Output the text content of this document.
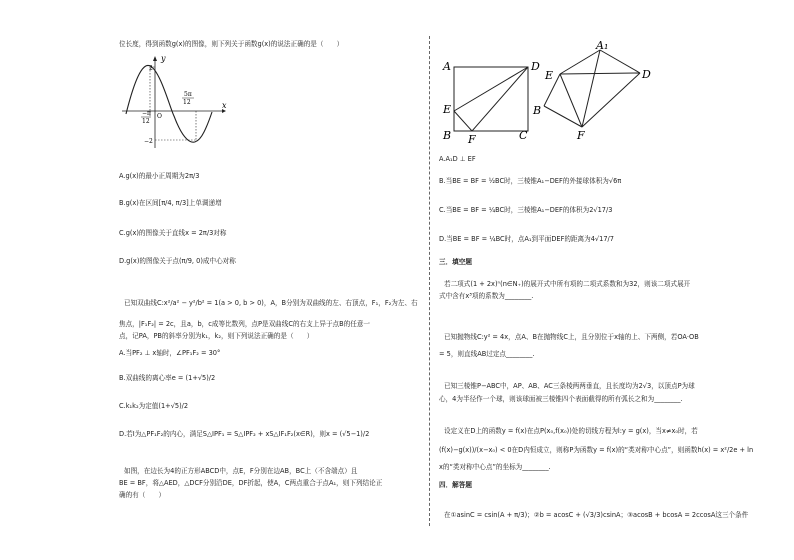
位长度，得到函数g(x)的图像，则下列关于函数g(x)的说法正确的是（　　）
y
x
O
5π
12
−π
12
2
−2
A.g(x)的最小正周期为2π/3
B.g(x)在区间[π/4, π/3]上单调递增
C.g(x)的图像关于直线x = 2π/3对称
D.g(x)的图像关于点(π/9, 0)成中心对称
已知双曲线C:x²/a² − y²/b² = 1(a > 0, b > 0)，A，B分别为双曲线的左、右顶点，F₁，F₂为左、右
焦点，|F₁F₂| = 2c，且a，b，c成等比数列，点P是双曲线C的右支上异于点B的任意一
点，记PA，PB的斜率分别为k₁，k₂，则下列说法正确的是（　　）
A.当PF₂ ⊥ x轴时，∠PF₁F₂ = 30°
B.双曲线的离心率e = (1+√5)/2
C.k₁k₂为定值(1+√5)/2
D.若I为△PF₁F₂的内心，满足S△IPF₁ = S△IPF₂ + xS△IF₁F₂(x∈R)，则x = (√5−1)/2
如图，在边长为4的正方形ABCD中，点E，F分别在边AB，BC上（不含端点）且
BE = BF，将△AED，△DCF分别沿DE，DF折起，使A，C两点重合于点A₁，则下列结论正
确的有（　　）
A	D
E
B F	C
A₁
E	D
B
F
A.A₁D ⊥ EF
B.当BE = BF = ½BC时，三棱锥A₁−DEF的外接球体积为√6π
C.当BE = BF = ¼BC时，三棱锥A₁−DEF的体积为2√17/3
D.当BE = BF = ¼BC时，点A₁到平面DEF的距离为4√17/7
三．填空题
若二项式(1 + 2x)ⁿ(n∈N₊)的展开式中所有项的二项式系数和为32，则该二项式展开
式中含有x³项的系数为________.
已知抛物线C:y² = 4x，点A、B在抛物线C上，且分别位于x轴的上、下两侧，若OA·OB
= 5，则直线AB过定点________.
已知三棱锥P−ABC中，AP、AB、AC三条棱两两垂直，且长度均为2√3，以顶点P为球
心，4为半径作一个球，则该球面被三棱锥四个表面截得的所有弧长之和为________.
设定义在D上的函数y = f(x)在点P(x₀,f(x₀))处的切线方程为l:y = g(x)，当x≠x₀时，若
(f(x)−g(x))/(x−x₀) < 0在D内恒成立，则称P为函数y = f(x)的“类对称中心点”，则函数h(x) = x²/2e + ln
x的“类对称中心点”的坐标为________.
四．解答题
在①asinC = csin(A + π/3)；②b = acosC + (√3/3)csinA；③acosB + bcosA = 2ccosA这三个条件
